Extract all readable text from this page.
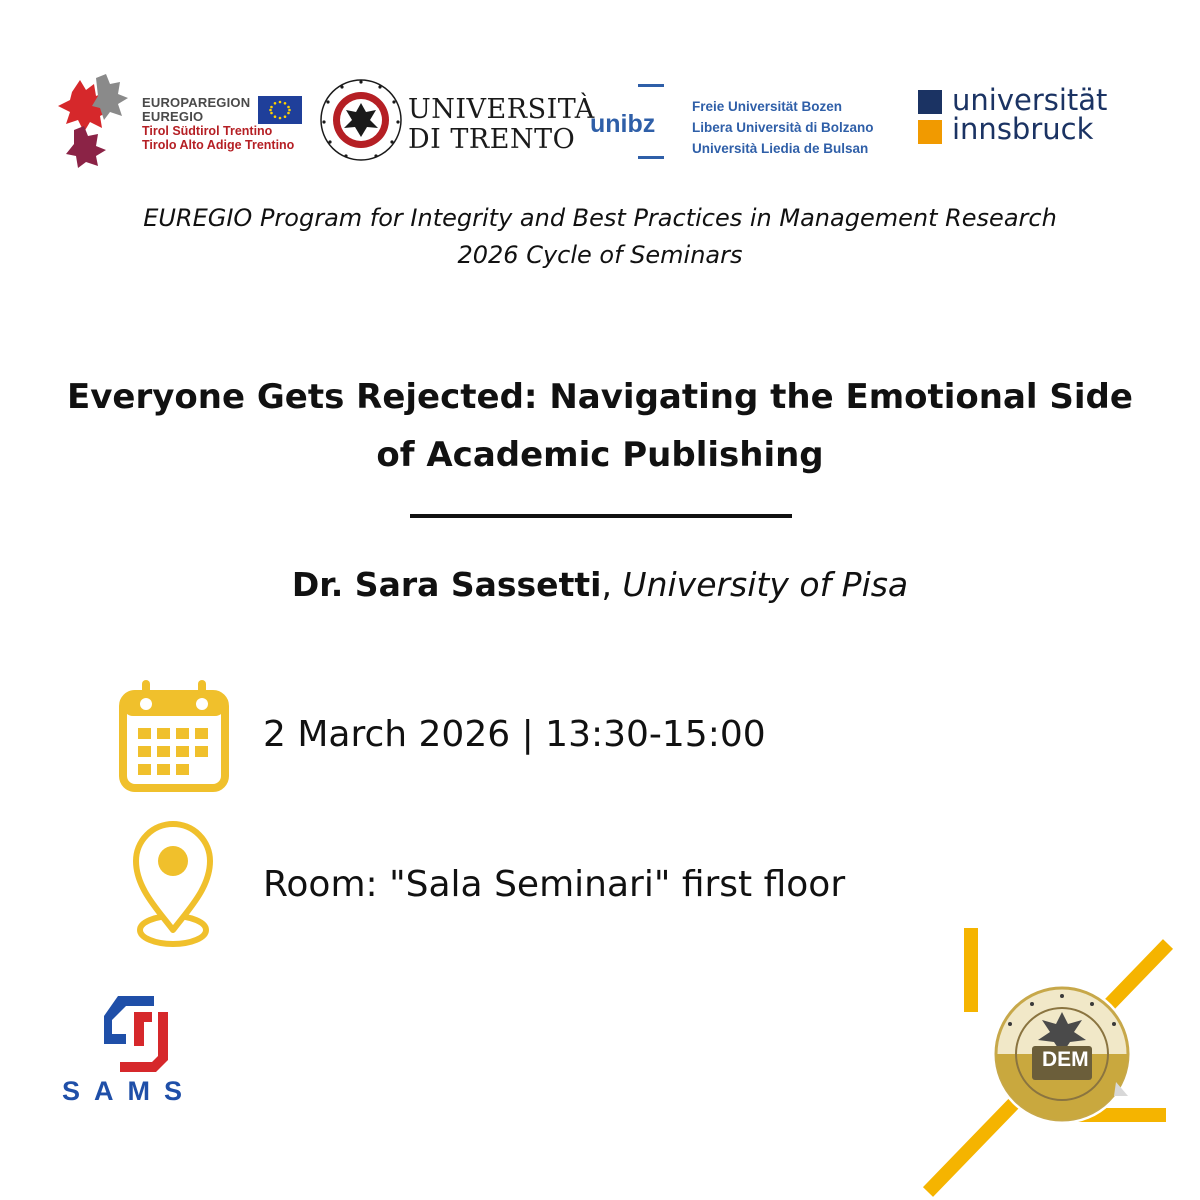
EUROPAREGION
EUREGIO
Tirol Südtirol Trentino
Tirolo Alto Adige Trentino
UNIVERSITÀ
DI TRENTO unibz
Freie Universität Bozen
Libera Università di Bolzano
Università Liedia de Bulsan
universität
innsbruck
EUREGIO Program for Integrity and Best Practices in Management Research
2026 Cycle of Seminars
Everyone Gets Rejected: Navigating the Emotional Side
of Academic Publishing
Dr. Sara Sassetti, University of Pisa
2 March 2026 | 13:30-15:00
Room: "Sala Seminari" first floor
SAMS
DEM
